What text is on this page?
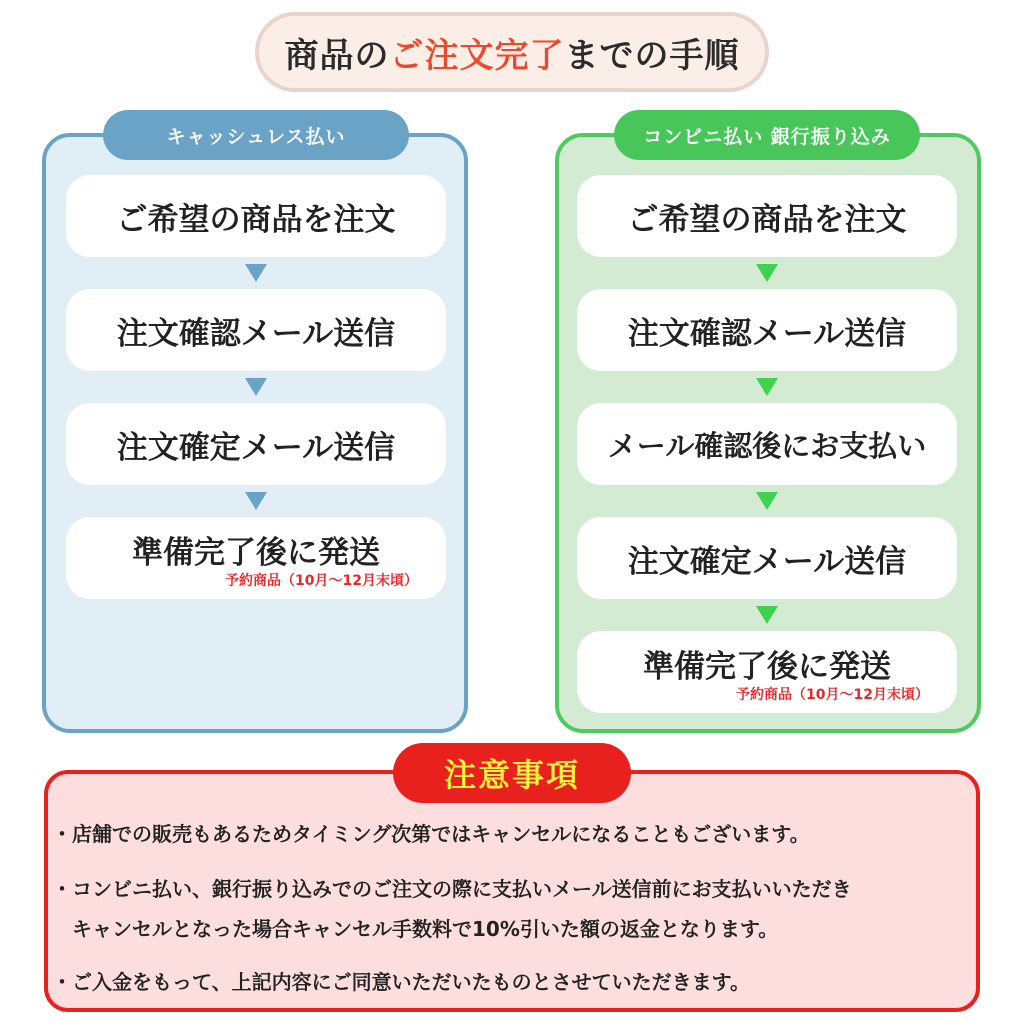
商品の ご注文完了 までの手順
キャッシュレス払い
ご希望の商品を注文
注文確認メール送信
注文確定メール送信
準備完了後に発送
予約商品（10月〜12月末頃）
コンビニ払い 銀行振り込み
ご希望の商品を注文
注文確認メール送信
メール確認後にお支払い
注文確定メール送信
準備完了後に発送
予約商品（10月〜12月末頃）
注意事項
・店舗での販売もあるためタイミング次第ではキャンセルになることもございます。
・コンビニ払い、銀行振り込みでのご注文の際に支払いメール送信前にお支払いいただき
　キャンセルとなった場合キャンセル手数料で10%引いた額の返金となります。
・ご入金をもって、上記内容にご同意いただいたものとさせていただきます。
